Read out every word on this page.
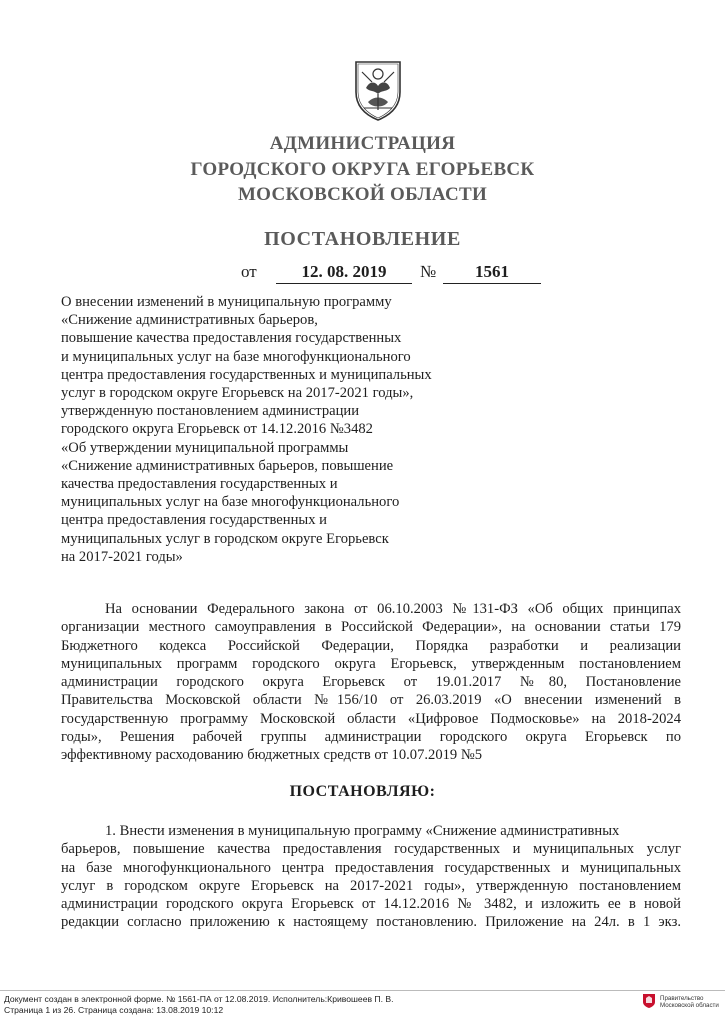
АДМИНИСТРАЦИЯ
ГОРОДСКОГО ОКРУГА ЕГОРЬЕВСК
МОСКОВСКОЙ ОБЛАСТИ
ПОСТАНОВЛЕНИЕ
от	12. 08. 2019	№	1561
О внесении изменений в муниципальную программу
«Снижение административных барьеров,
повышение качества предоставления государственных
и муниципальных услуг на базе многофункционального
центра предоставления государственных и муниципальных
услуг в городском округе Егорьевск на 2017-2021 годы»,
утвержденную постановлением администрации
городского округа Егорьевск от 14.12.2016 №3482
«Об утверждении муниципальной программы
«Снижение административных барьеров, повышение
качества предоставления государственных и
муниципальных услуг на базе многофункционального
центра предоставления государственных и
муниципальных услуг в городском округе Егорьевск
на 2017-2021 годы»
На основании Федерального закона от 06.10.2003 №131-ФЗ «Об общих принципах
организации местного самоуправления в Российской Федерации», на основании статьи 179
Бюджетного кодекса Российской Федерации, Порядка разработки и реализации
муниципальных программ городского округа Егорьевск, утвержденным постановлением
администрации городского округа Егорьевск от 19.01.2017 №80, Постановление
Правительства Московской области №156/10 от 26.03.2019 «О внесении изменений в
государственную программу Московской области «Цифровое Подмосковье» на 2018-2024
годы», Решения рабочей группы администрации городского округа Егорьевск по
эффективному расходованию бюджетных средств от 10.07.2019 №5
ПОСТАНОВЛЯЮ:
1. Внести изменения в муниципальную программу «Снижение административных
барьеров, повышение качества предоставления государственных и муниципальных услуг
на базе многофункционального центра предоставления государственных и муниципальных
услуг в городском округе Егорьевск на 2017-2021 годы», утвержденную постановлением
администрации городского округа Егорьевск от 14.12.2016 № 3482, и изложить ее в новой
редакции согласно приложению к настоящему постановлению. Приложение на 24л. в 1 экз.
Документ создан в электронной форме. № 1561-ПА от 12.08.2019. Исполнитель:Кривошеев П. В.
Страница 1 из 26. Страница создана: 13.08.2019 10:12
Правительство
Московской области
